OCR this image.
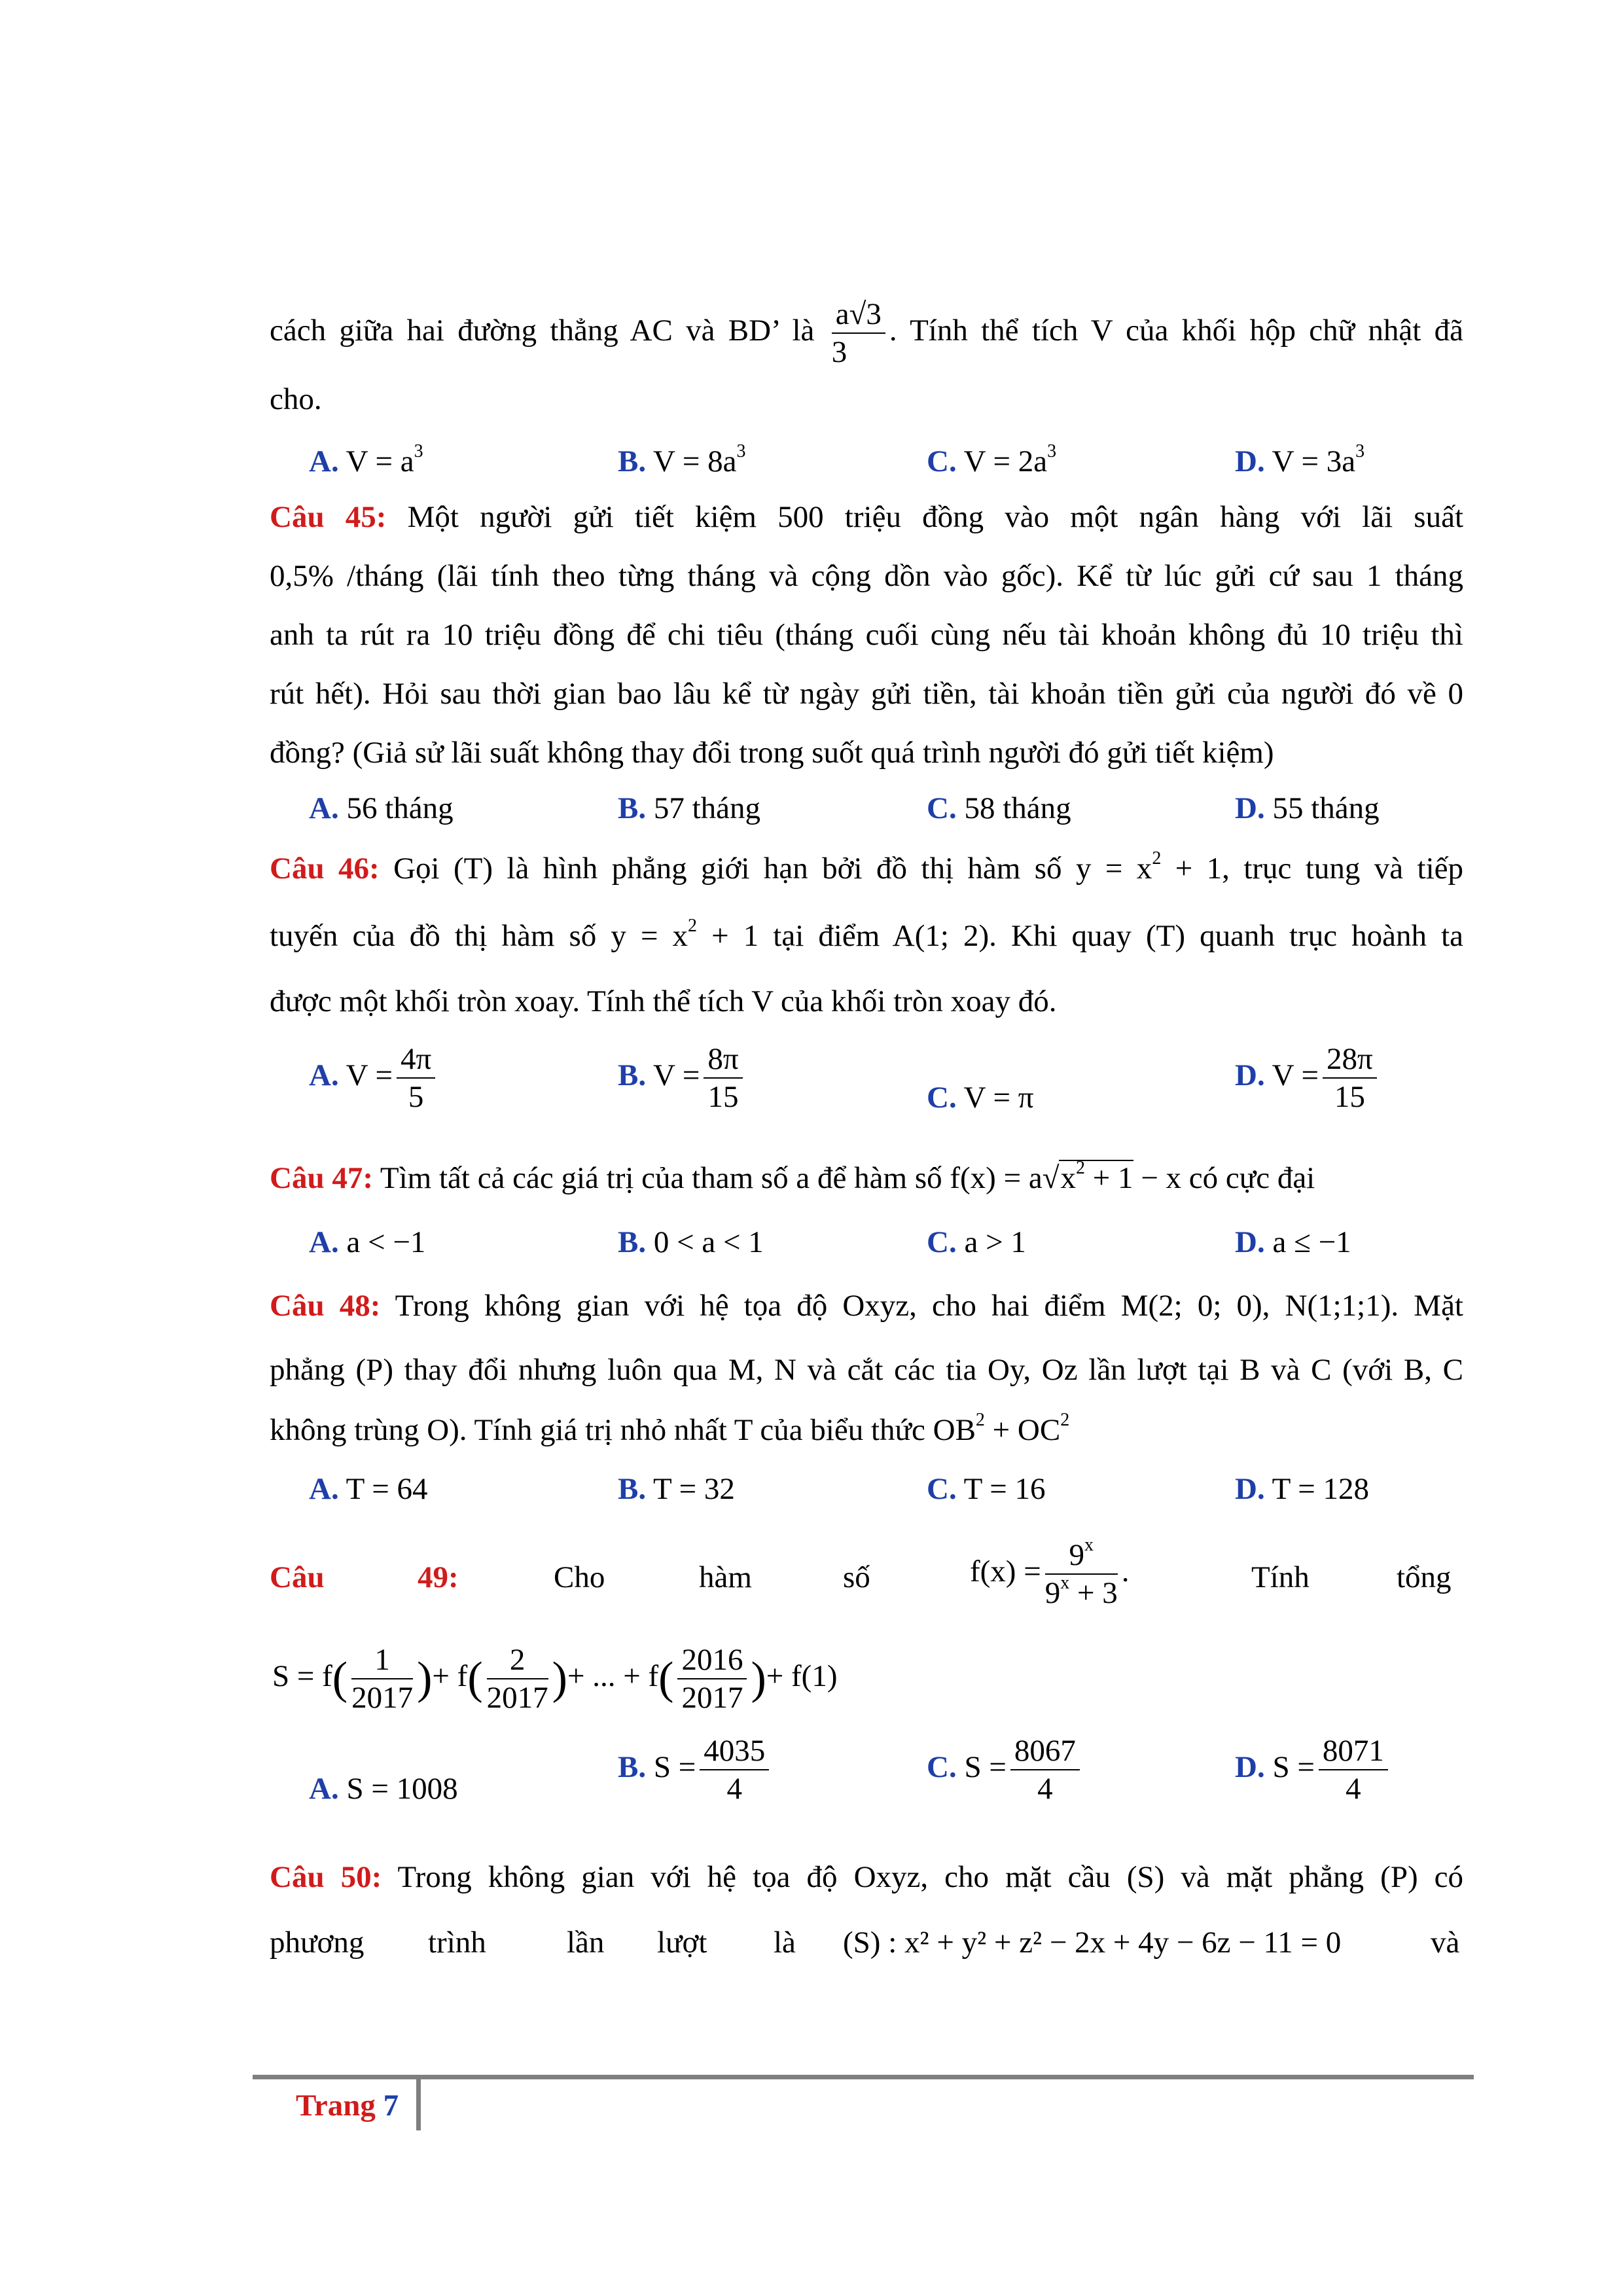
cách giữa hai đường thẳng AC và BD’ là $\frac{a√3}{3}$ . Tính thể tích V của khối hộp chữ nhật đã
cho.
A. $V = a^3$	B. $V = 8a^3$	C. $V = 2a^3$	D. $V = 3a^3$
Câu 45: Một người gửi tiết kiệm 500 triệu đồng vào một ngân hàng với lãi suất
0,5% /tháng (lãi tính theo từng tháng và cộng dồn vào gốc). Kể từ lúc gửi cứ sau 1 tháng
anh ta rút ra 10 triệu đồng để chi tiêu (tháng cuối cùng nếu tài khoản không đủ 10 triệu thì
rút hết). Hỏi sau thời gian bao lâu kể từ ngày gửi tiền, tài khoản tiền gửi của người đó về 0
đồng? (Giả sử lãi suất không thay đổi trong suốt quá trình người đó gửi tiết kiệm)
A. 56 tháng	B. 57 tháng	C. 58 tháng	D. 55 tháng
Câu 46: Gọi (T) là hình phẳng giới hạn bởi đồ thị hàm số $y = x^2 + 1$, trục tung và tiếp
tuyến của đồ thị hàm số $y = x^2 + 1$ tại điểm A(1; 2). Khi quay (T) quanh trục hoành ta
được một khối tròn xoay. Tính thể tích V của khối tròn xoay đó.
A. $V = \frac{4\pi}{5}$	B. $V = \frac{8\pi}{15}$	C. V = π
D. $V = \frac{28\pi}{15}$
Câu 47: Tìm tất cả các giá trị của tham số a để hàm số $f(x) = a√x^2 + 1 - x$ có cực đại
A. a < −1	B. 0 < a < 1	C. a > 1	D. a ≤ −1
Câu 48: Trong không gian với hệ tọa độ Oxyz, cho hai điểm M(2; 0; 0), N(1;1;1). Mặt
phẳng (P) thay đổi nhưng luôn qua M, N và cắt các tia Oy, Oz lần lượt tại B và C (với B, C
không trùng O). Tính giá trị nhỏ nhất T của biểu thức $OB^2 + OC^2$
A. T = 64	B. T = 32	C. T = 16	D. T = 128
Câu	49:	Cho	hàm	số	$f(x) = \frac{9^x}{9^x + 3}$ .	Tính	tổng
$S = f( \frac{1}{2017}$ )+ $f( \frac{2}{2017}$ )+ ... + $f( \frac{2016}{2017}$ )+ f(1)
A. S = 1008
B. $S = \frac{4035}{4}$	C. $S = \frac{8067}{4}$	D. $S = \frac{8071}{4}$
Câu 50: Trong không gian với hệ tọa độ Oxyz, cho mặt cầu (S) và mặt phẳng (P) có
phương trình	lần lượt là (S) : x² + y² + z² − 2x + 4y − 6z − 11 = 0	và
Trang 7
